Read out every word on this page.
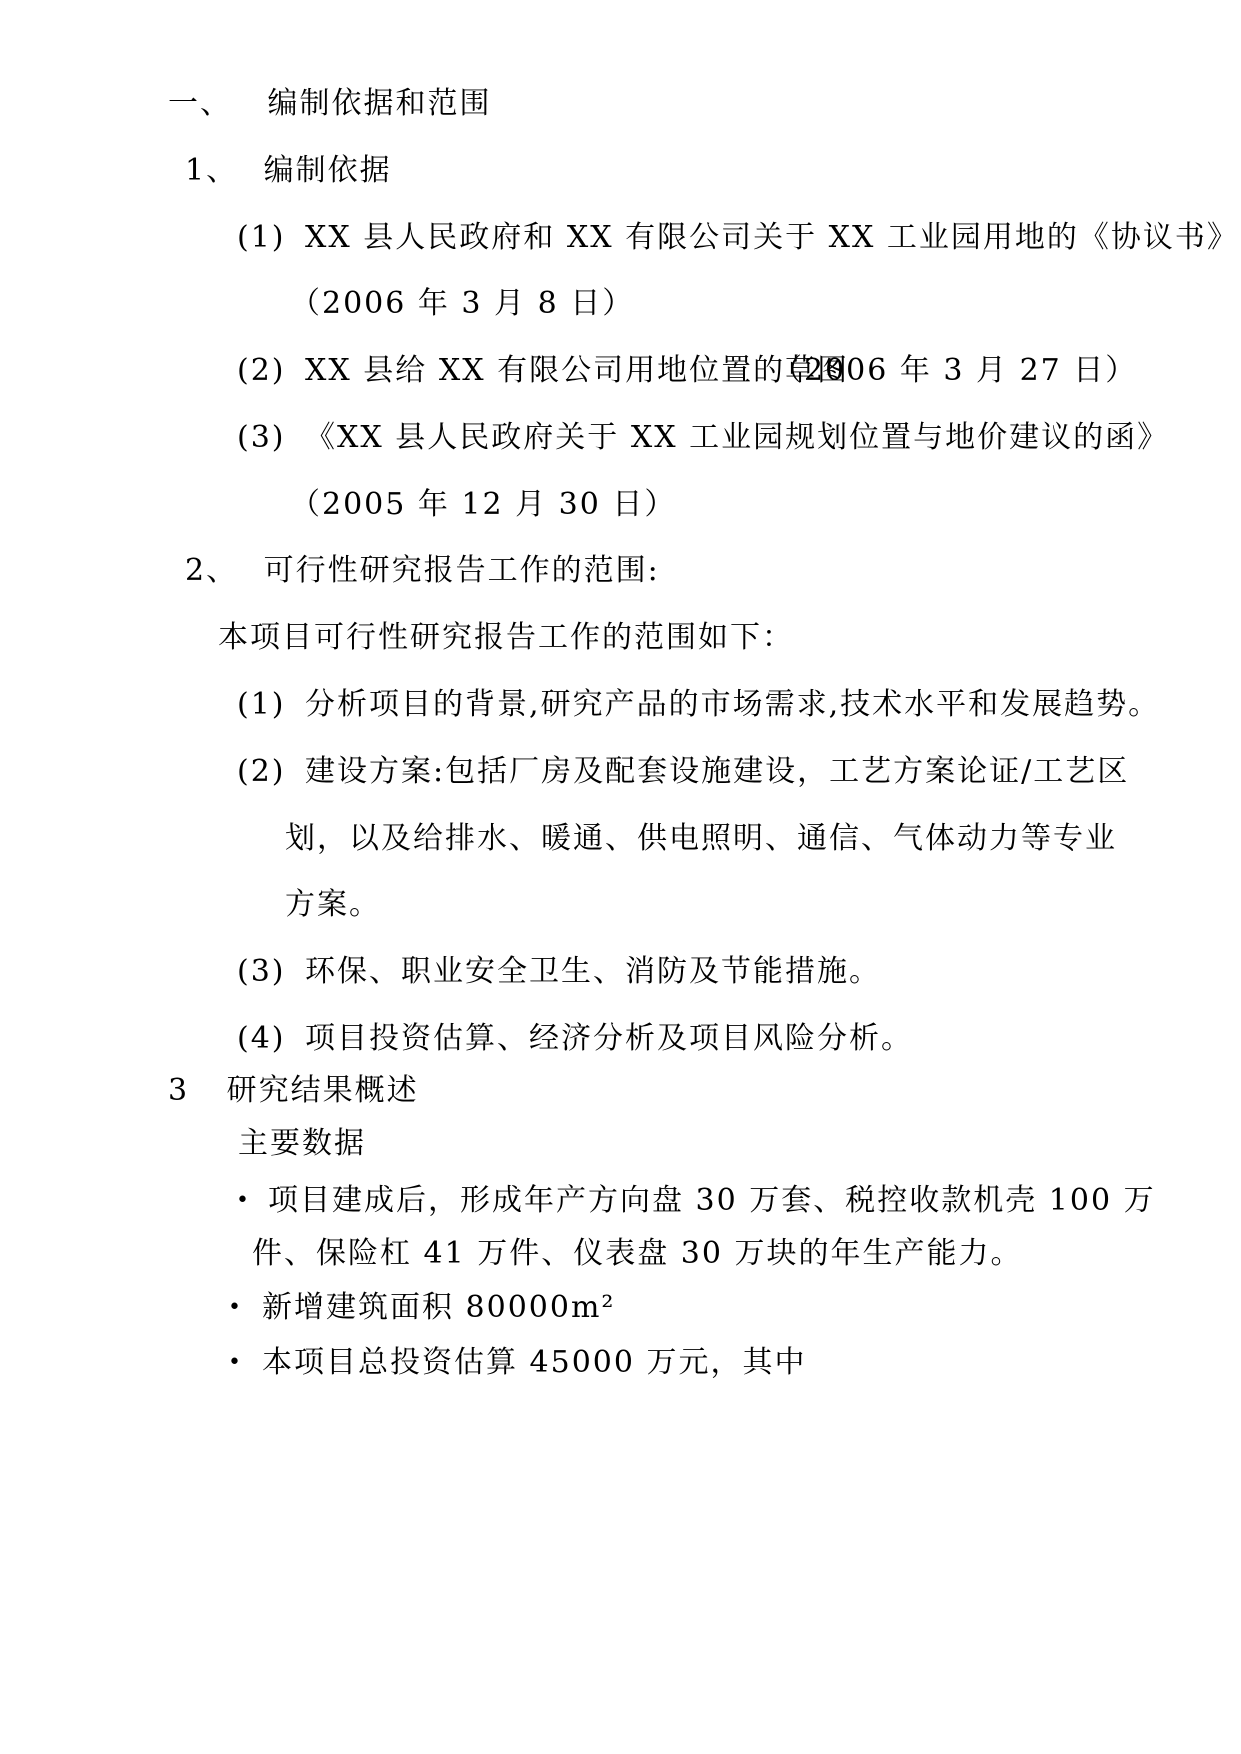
一、 编制依据和范围
1、 编制依据
(1) XX 县人民政府和 XX 有限公司关于 XX 工业园用地的《协议书》
（2006 年 3 月 8 日）
(2) XX 县给 XX 有限公司用地位置的草图
（2006 年 3 月 27 日）
(3) 《XX 县人民政府关于 XX 工业园规划位置与地价建议的函》
（2005 年 12 月 30 日）
2、 可行性研究报告工作的范围:
本项目可行性研究报告工作的范围如下：
(1) 分析项目的背景,研究产品的市场需求,技术水平和发展趋势。
(2) 建设方案:包括厂房及配套设施建设，工艺方案论证/工艺区
划，以及给排水、暖通、供电照明、通信、气体动力等专业
方案。
(3) 环保、职业安全卫生、消防及节能措施。
(4) 项目投资估算、经济分析及项目风险分析。
3 研究结果概述
主要数据
• 项目建成后，形成年产方向盘 30 万套、税控收款机壳 100 万
件、保险杠 41 万件、仪表盘 30 万块的年生产能力。
• 新增建筑面积 80000m²
• 本项目总投资估算 45000 万元，其中
